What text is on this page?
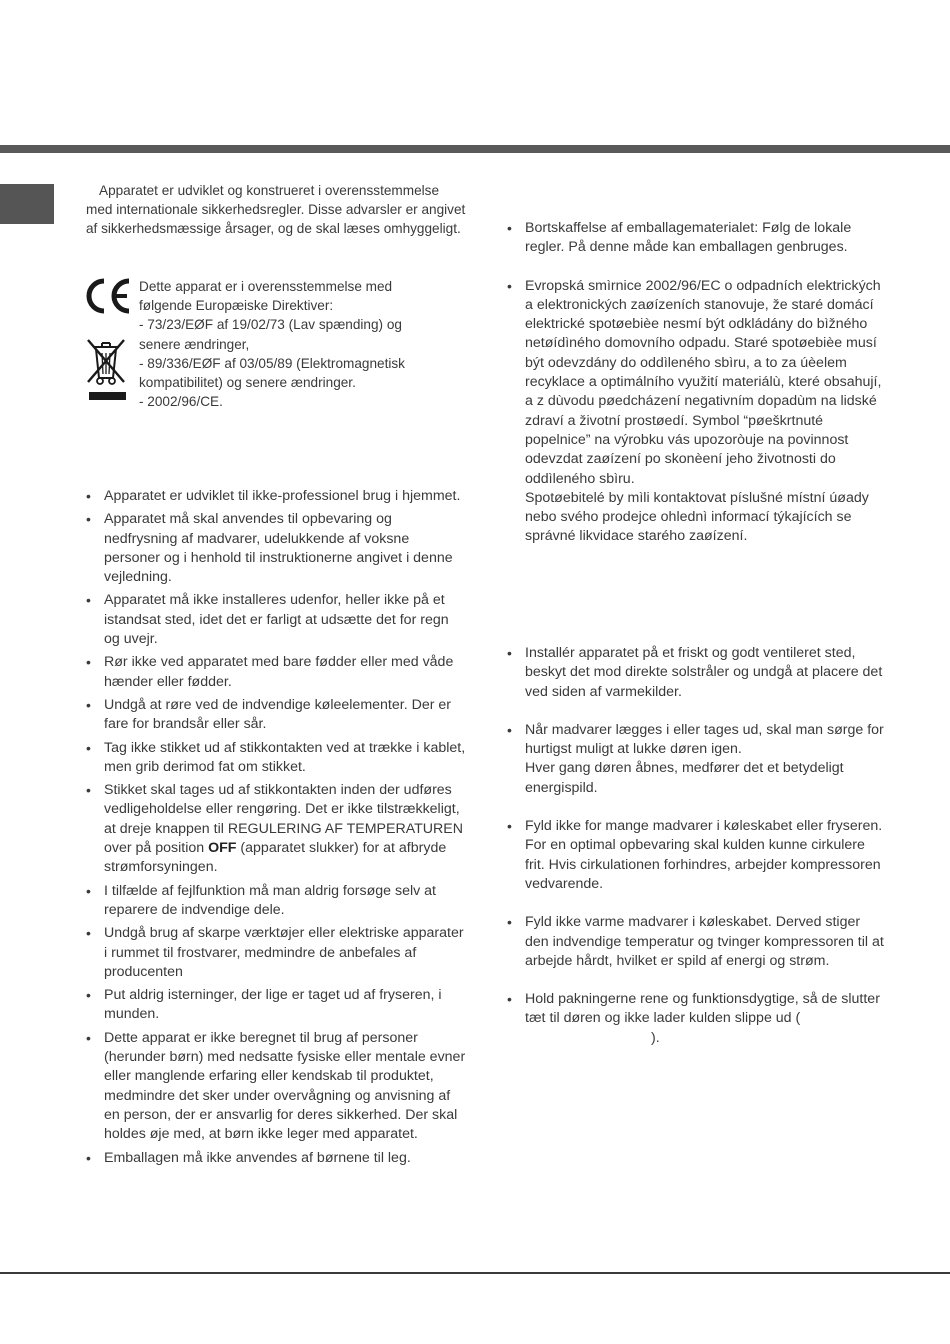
Apparatet er udviklet og konstrueret i overensstemmelse med internationale sikkerhedsregler. Disse advarsler er angivet af sikkerhedsmæssige årsager, og de skal læses omhyggeligt.

Dette apparat er i overensstemmelse med
følgende Europæiske Direktiver:
- 73/23/EØF af 19/02/73 (Lav spænding) og
senere ændringer,
- 89/336/EØF af 03/05/89 (Elektromagnetisk
kompatibilitet) og senere ændringer.
- 2002/96/CE.
• Apparatet er udviklet til ikke-professionel brug i hjemmet.
• Apparatet må skal anvendes til opbevaring og nedfrysning af madvarer, udelukkende af voksne personer og i henhold til instruktionerne angivet i denne vejledning.
• Apparatet må ikke installeres udenfor, heller ikke på et istandsat sted, idet det er farligt at udsætte det for regn og uvejr.
• Rør ikke ved apparatet med bare fødder eller med våde hænder eller fødder.
• Undgå at røre ved de indvendige køleelementer. Der er fare for brandsår eller sår.
• Tag ikke stikket ud af stikkontakten ved at trække i kablet, men grib derimod fat om stikket.
• Stikket skal tages ud af stikkontakten inden der udføres vedligeholdelse eller rengøring. Det er ikke tilstrækkeligt, at dreje knappen til REGULERING AF TEMPERATUREN over på position OFF (apparatet slukker) for at afbryde strømforsyningen.
• I tilfælde af fejlfunktion må man aldrig forsøge selv at reparere de indvendige dele.
• Undgå brug af skarpe værktøjer eller elektriske apparater i rummet til frostvarer, medmindre de anbefales af producenten
• Put aldrig isterninger, der lige er taget ud af fryseren, i munden.
• Dette apparat er ikke beregnet til brug af personer (herunder børn) med nedsatte fysiske eller mentale evner eller manglende erfaring eller kendskab til produktet, medmindre det sker under overvågning og anvisning af en person, der er ansvarlig for deres sikkerhed. Der skal holdes øje med, at børn ikke leger med apparatet.
• Emballagen må ikke anvendes af børnene til leg.
• Bortskaffelse af emballagematerialet: Følg de lokale regler. På denne måde kan emballagen genbruges.
• Evropská smìrnice 2002/96/EC o odpadních elektrických a elektronických zaøízeních stanovuje, že staré domácí elektrické spotøebièe nesmí být odkládány do bìžného netøídìného domovního odpadu. Staré spotøebièe musí být odevzdány do oddìleného sbìru, a to za úèelem recyklace a optimálního využití materiálù, které obsahují, a z dùvodu pøedcházení negativním dopadùm na lidské zdraví a životní prostøedí. Symbol “pøeškrtnuté popelnice” na výrobku vás upozoròuje na povinnost odevzdat zaøízení po skonèení jeho životnosti do oddìleného sbìru.
Spotøebitelé by mìli kontaktovat píslušné místní úøady nebo svého prodejce ohlednì informací týkajících se správné likvidace starého zaøízení.
• Installér apparatet på et friskt og godt ventileret sted, beskyt det mod direkte solstråler og undgå at placere det ved siden af varmekilder.
• Når madvarer lægges i eller tages ud, skal man sørge for hurtigst muligt at lukke døren igen.
Hver gang døren åbnes, medfører det et betydeligt energispild.
• Fyld ikke for mange madvarer i køleskabet eller fryseren. For en optimal opbevaring skal kulden kunne cirkulere frit. Hvis cirkulationen forhindres, arbejder kompressoren vedvarende.
• Fyld ikke varme madvarer i køleskabet. Derved stiger den indvendige temperatur og tvinger kompressoren til at arbejde hårdt, hvilket er spild af energi og strøm.
• Hold pakningerne rene og funktionsdygtige, så de slutter tæt til døren og ikke lader kulden slippe ud ().
